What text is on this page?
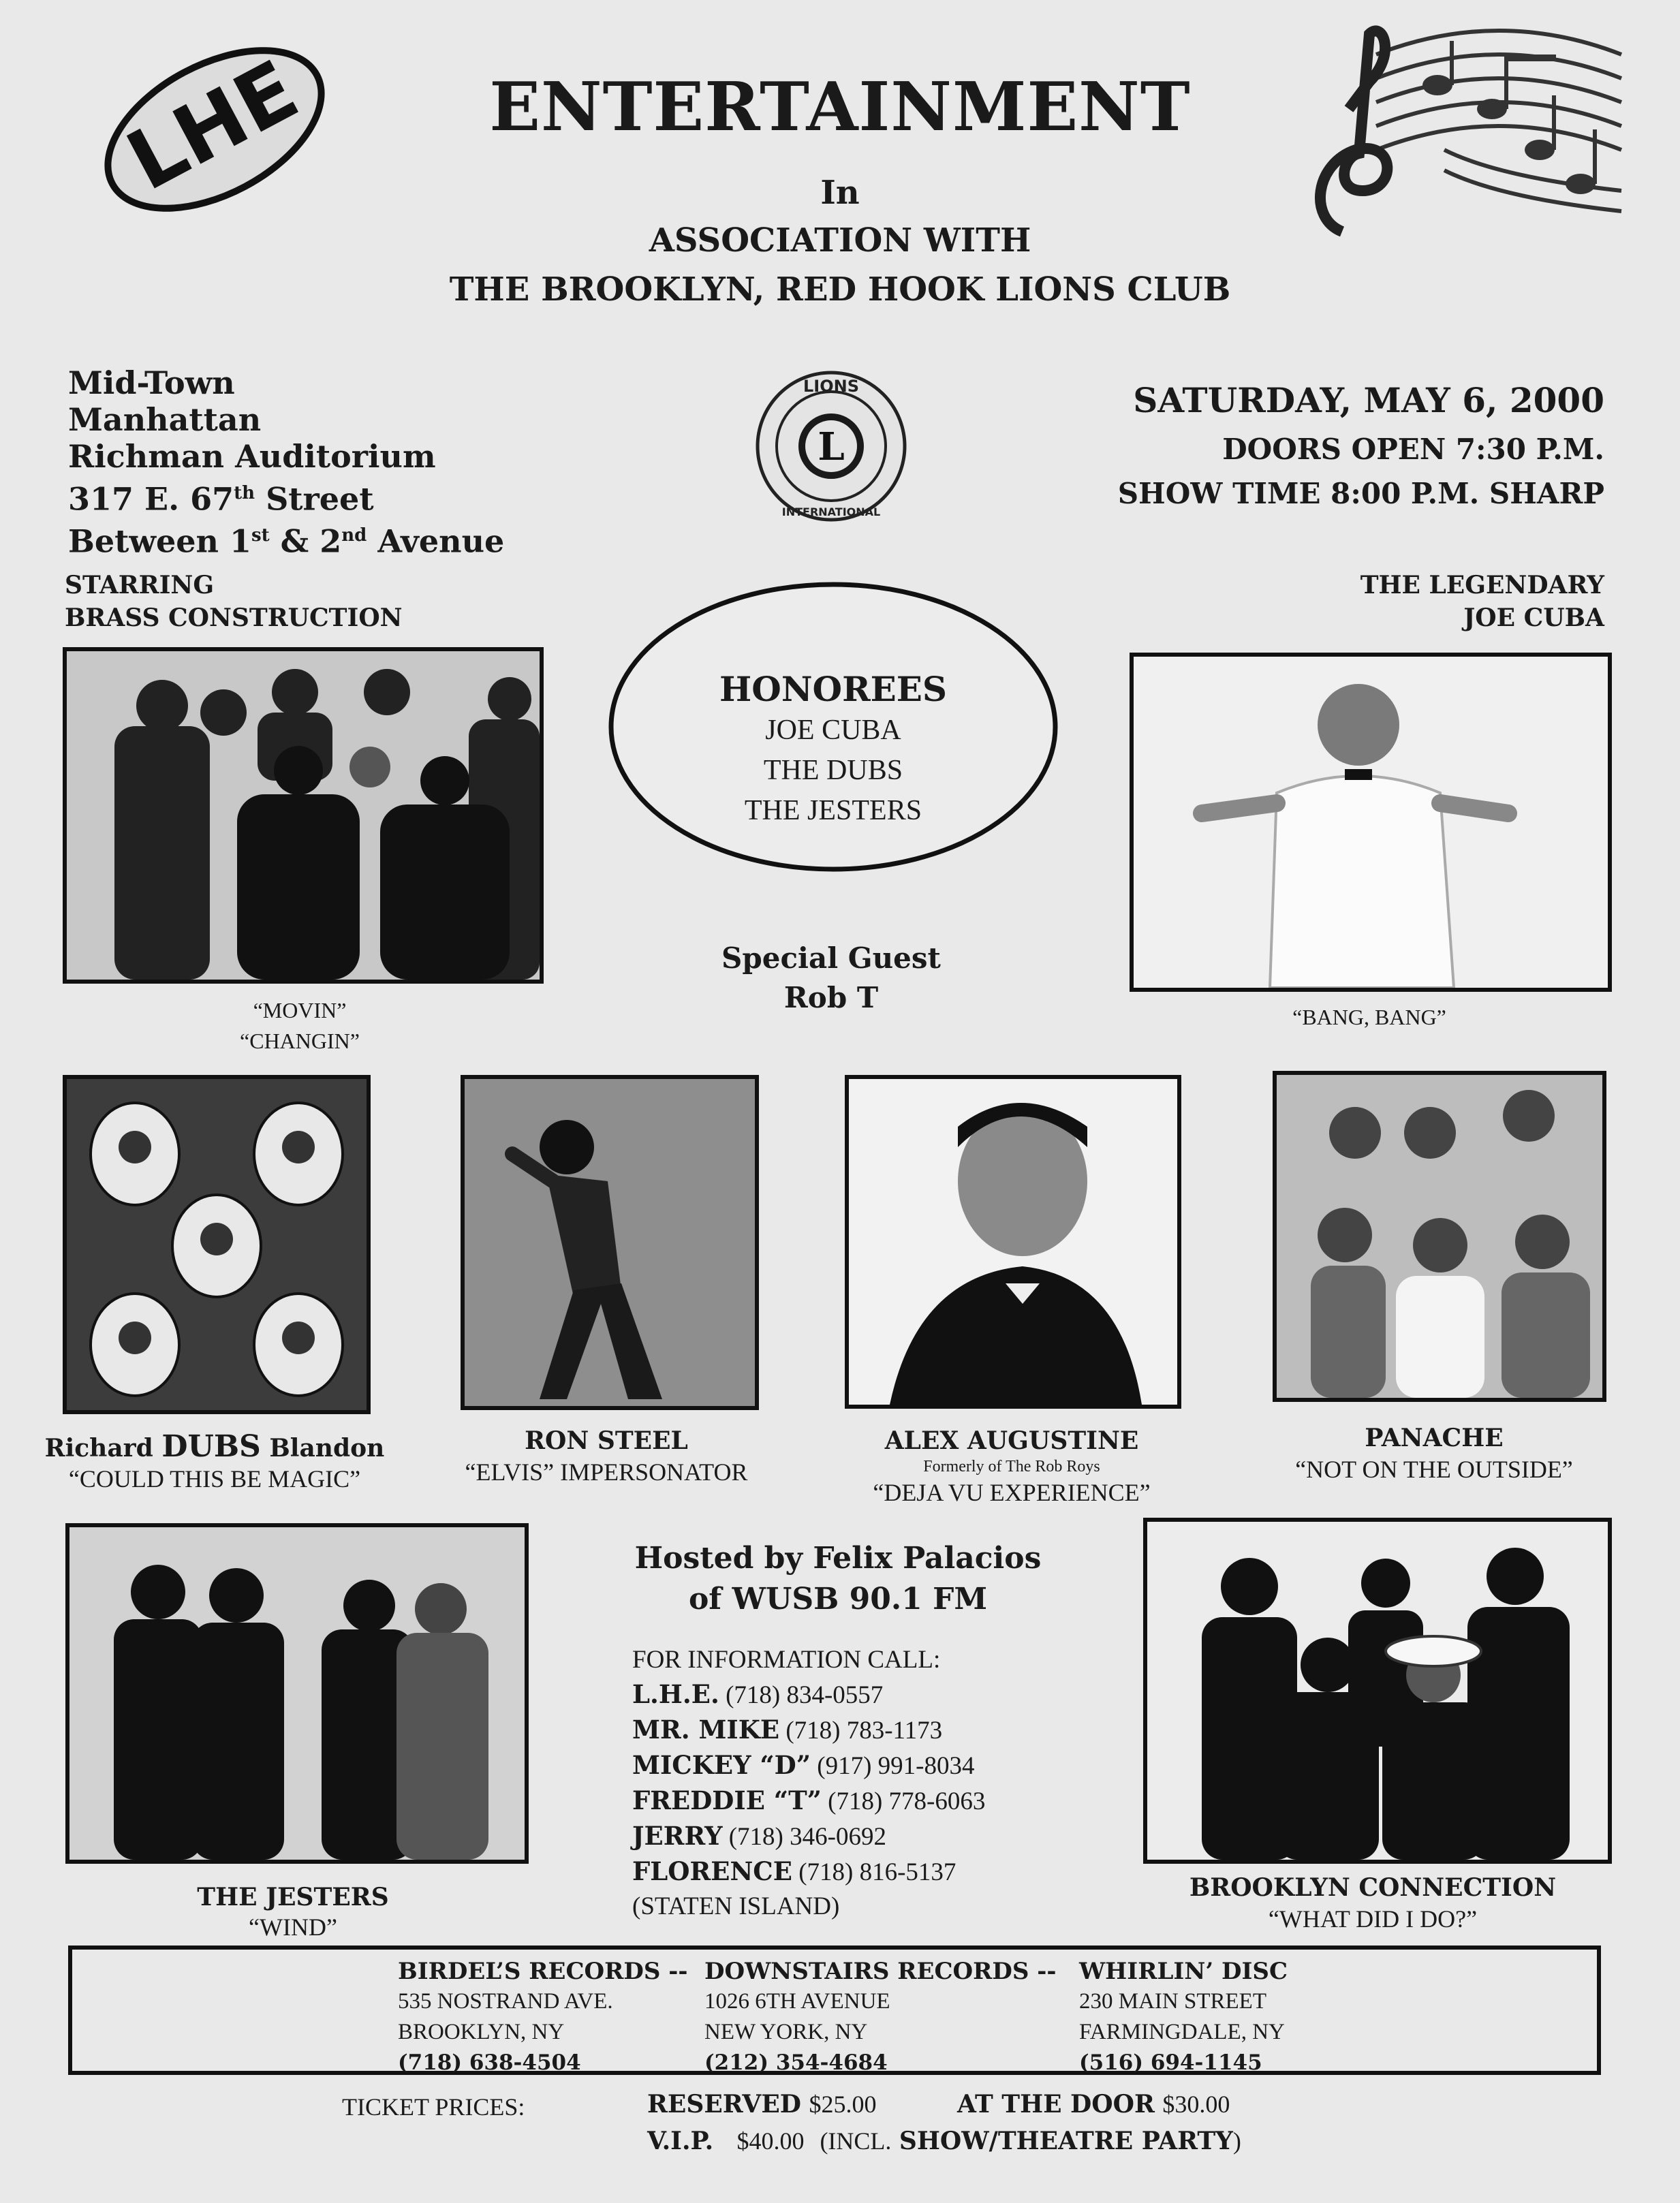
LHE	ENTERTAINMENT
In
ASSOCIATION WITH
THE BROOKLYN, RED HOOK LIONS CLUB
Mid-Town
Manhattan
Richman Auditorium
317 E. 67th Street
Between 1st & 2nd Avenue
L
LIONS
INTERNATIONAL
SATURDAY, MAY 6, 2000
DOORS OPEN 7:30 P.M.
SHOW TIME 8:00 P.M. SHARP
STARRING
BRASS CONSTRUCTION
THE LEGENDARY
JOE CUBA
“MOVIN”
“CHANGIN”
HONOREES
JOE CUBA
THE DUBS
THE JESTERS
Special Guest
Rob T
“BANG, BANG”
Richard DUBS Blandon
“COULD THIS BE MAGIC”
RON STEEL
“ELVIS” IMPERSONATOR
ALEX AUGUSTINE
Formerly of The Rob Roys
“DEJA VU EXPERIENCE”
PANACHE
“NOT ON THE OUTSIDE”
THE JESTERS
“WIND”
Hosted by Felix Palacios
of WUSB 90.1 FM
FOR INFORMATION CALL:
L.H.E. (718) 834-0557
MR. MIKE (718) 783-1173
MICKEY “D” (917) 991-8034
FREDDIE “T” (718) 778-6063
JERRY (718) 346-0692
FLORENCE (718) 816-5137
(STATEN ISLAND)
BROOKLYN CONNECTION
“WHAT DID I DO?”
BIRDEL’S RECORDS --
535 NOSTRAND AVE.
BROOKLYN, NY
(718) 638-4504
DOWNSTAIRS RECORDS --
1026 6TH AVENUE
NEW YORK, NY
(212) 354-4684
WHIRLIN’ DISC
230 MAIN STREET
FARMINGDALE, NY
(516) 694-1145
TICKET PRICES:	RESERVED $25.00	AT THE DOOR $30.00
V.I.P. $40.00 (INCL. SHOW/THEATRE PARTY)
